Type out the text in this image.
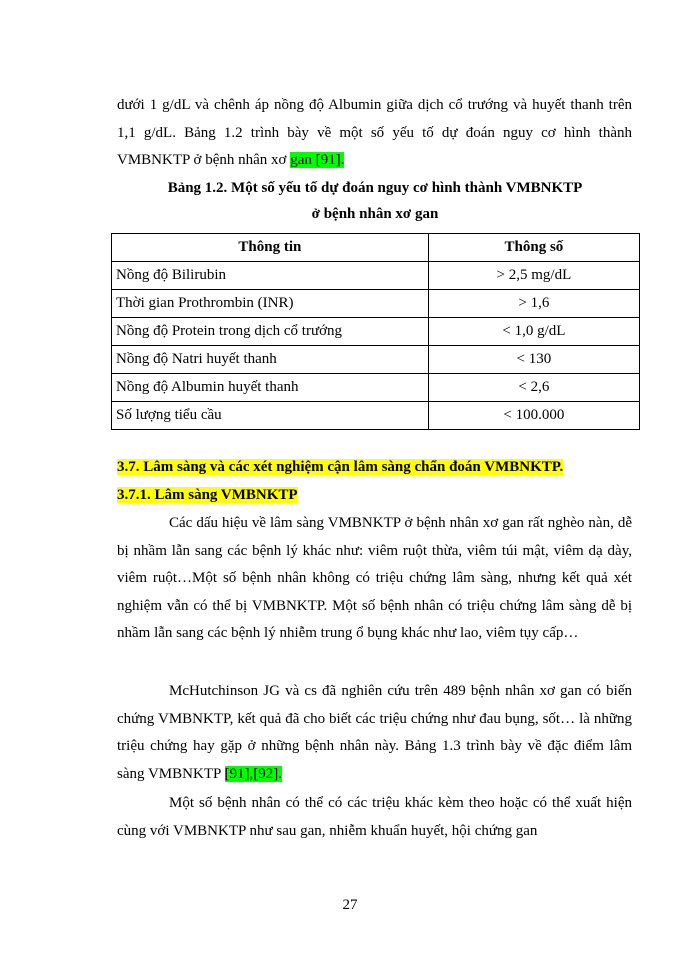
dưới 1 g/dL và chênh áp nồng độ Albumin giữa dịch cổ trướng và huyết thanh trên 1,1 g/dL. Bảng 1.2 trình bày về một số yếu tố dự đoán nguy cơ hình thành VMBNKTP ở bệnh nhân xơ gan [91].

Bảng 1.2. Một số yếu tố dự đoán nguy cơ hình thành VMBNKTP

ở bệnh nhân xơ gan

Thông tin	Thông số
Nồng độ Bilirubin	> 2,5 mg/dL
Thời gian Prothrombin (INR)	> 1,6
Nồng độ Protein trong dịch cổ trướng	< 1,0 g/dL
Nồng độ Natri huyết thanh	< 130
Nồng độ Albumin huyết thanh	< 2,6
Số lượng tiểu cầu	< 100.000

3.7. Lâm sàng và các xét nghiệm cận lâm sàng chẩn đoán VMBNKTP.

3.7.1. Lâm sàng VMBNKTP

Các dấu hiệu về lâm sàng VMBNKTP ở bệnh nhân xơ gan rất nghèo nàn, dễ bị nhầm lẫn sang các bệnh lý khác như: viêm ruột thừa, viêm túi mật, viêm dạ dày, viêm ruột…Một số bệnh nhân không có triệu chứng lâm sàng, nhưng kết quả xét nghiệm vẫn có thể bị VMBNKTP. Một số bệnh nhân có triệu chứng lâm sàng dễ bị nhầm lẫn sang các bệnh lý nhiễm trung ổ bụng khác như lao, viêm tụy cấp…

McHutchinson JG và cs đã nghiên cứu trên 489 bệnh nhân xơ gan có biến chứng VMBNKTP, kết quả đã cho biết các triệu chứng như đau bụng, sốt… là những triệu chứng hay gặp ở những bệnh nhân này. Bảng 1.3 trình bày về đặc điểm lâm sàng VMBNKTP [91],[92].

Một số bệnh nhân có thể có các triệu khác kèm theo hoặc có thể xuất hiện cùng với VMBNKTP như sau gan, nhiễm khuẩn huyết, hội chứng gan

27
